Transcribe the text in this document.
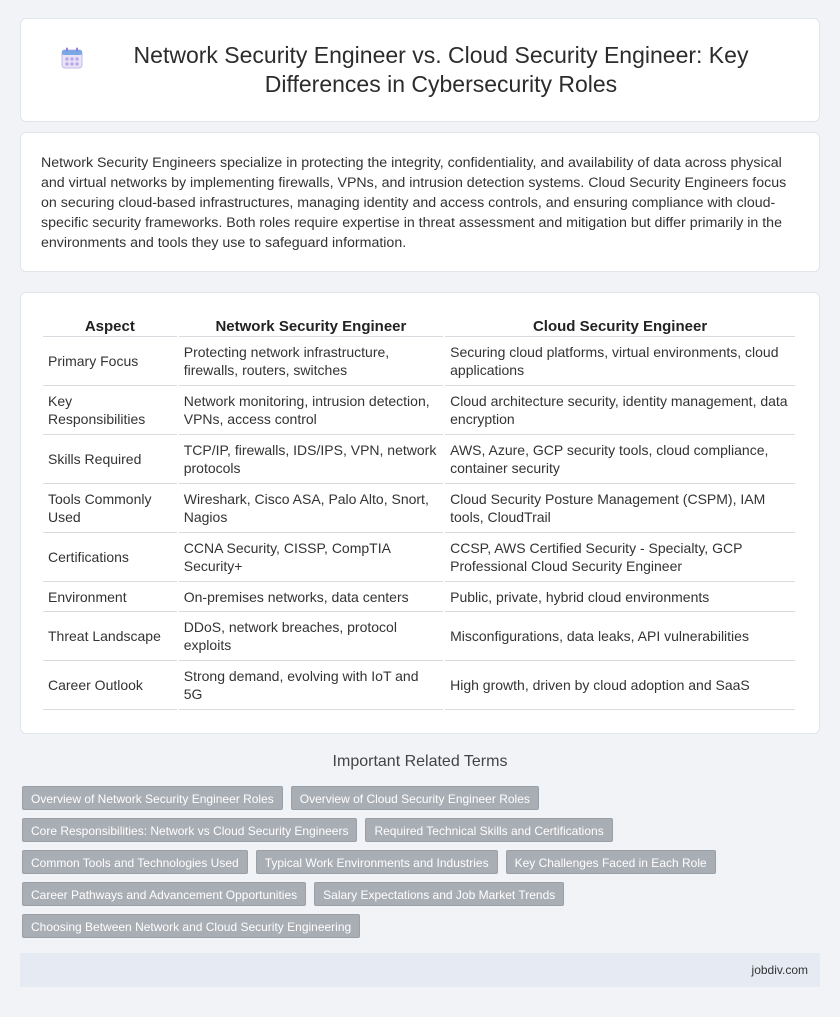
Network Security Engineer vs. Cloud Security Engineer: Key Differences in Cybersecurity Roles

Network Security Engineers specialize in protecting the integrity, confidentiality, and availability of data across physical and virtual networks by implementing firewalls, VPNs, and intrusion detection systems. Cloud Security Engineers focus on securing cloud-based infrastructures, managing identity and access controls, and ensuring compliance with cloud-specific security frameworks. Both roles require expertise in threat assessment and mitigation but differ primarily in the environments and tools they use to safeguard information.

Aspect	Network Security Engineer	Cloud Security Engineer
Primary Focus	Protecting network infrastructure, firewalls, routers, switches	Securing cloud platforms, virtual environments, cloud applications
Key Responsibilities	Network monitoring, intrusion detection, VPNs, access control	Cloud architecture security, identity management, data encryption
Skills Required	TCP/IP, firewalls, IDS/IPS, VPN, network protocols	AWS, Azure, GCP security tools, cloud compliance, container security
Tools Commonly Used	Wireshark, Cisco ASA, Palo Alto, Snort, Nagios	Cloud Security Posture Management (CSPM), IAM tools, CloudTrail
Certifications	CCNA Security, CISSP, CompTIA Security+	CCSP, AWS Certified Security - Specialty, GCP Professional Cloud Security Engineer
Environment	On-premises networks, data centers	Public, private, hybrid cloud environments
Threat Landscape	DDoS, network breaches, protocol exploits	Misconfigurations, data leaks, API vulnerabilities
Career Outlook	Strong demand, evolving with IoT and 5G	High growth, driven by cloud adoption and SaaS
Important Related Terms
Overview of Network Security Engineer Roles	Overview of Cloud Security Engineer Roles
Core Responsibilities: Network vs Cloud Security Engineers	Required Technical Skills and Certifications
Common Tools and Technologies Used	Typical Work Environments and Industries	Key Challenges Faced in Each Role
Career Pathways and Advancement Opportunities	Salary Expectations and Job Market Trends
Choosing Between Network and Cloud Security Engineering
jobdiv.com
